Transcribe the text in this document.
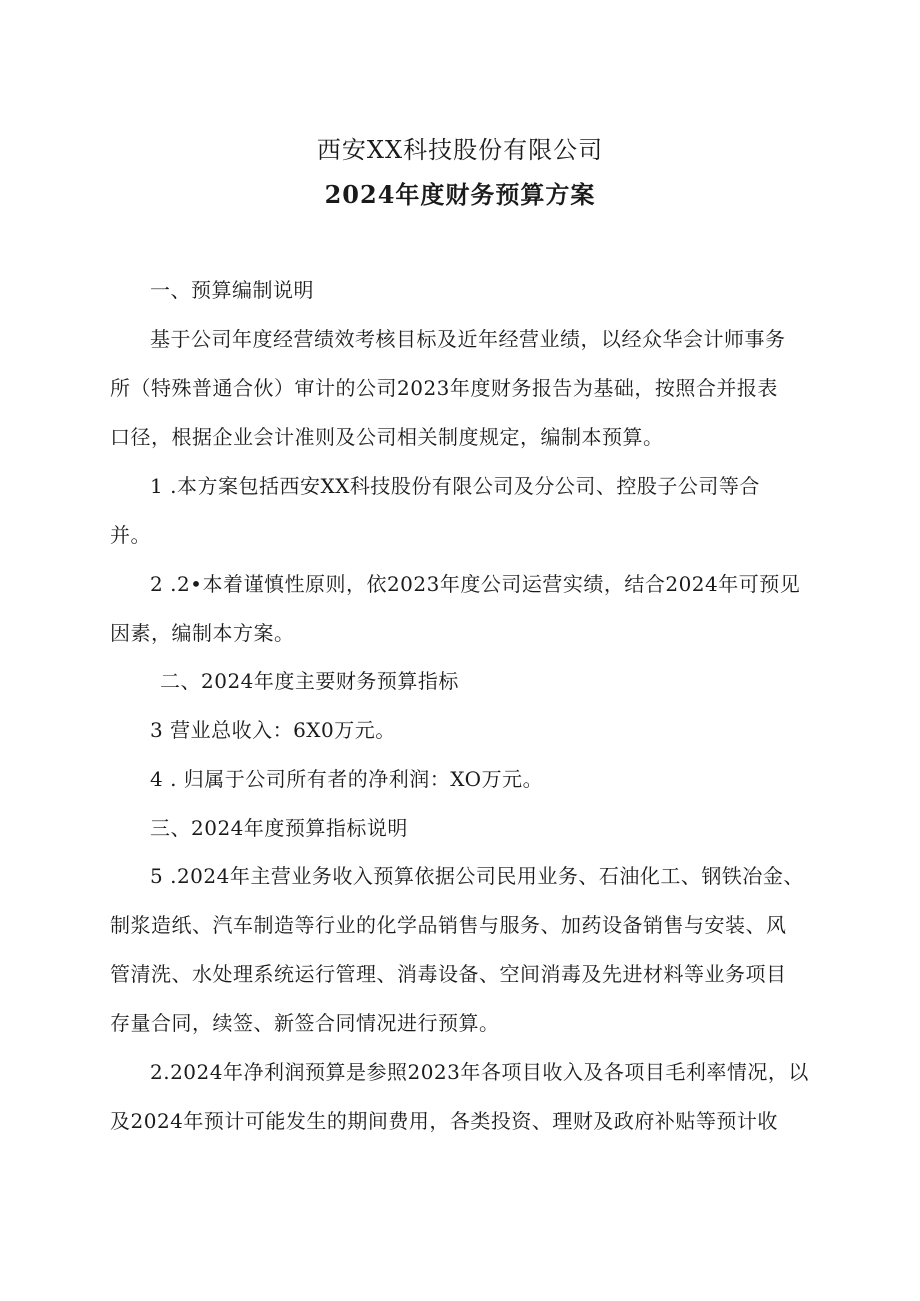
西安XX科技股份有限公司
2024年度财务预算方案
一、预算编制说明
基于公司年度经营绩效考核目标及近年经营业绩，以经众华会计师事务
所（特殊普通合伙）审计的公司2023年度财务报告为基础，按照合并报表
口径，根据企业会计准则及公司相关制度规定，编制本预算。
1 .本方案包括西安XX科技股份有限公司及分公司、控股子公司等合
并。
2 .2•本着谨慎性原则，依2023年度公司运营实绩，结合2024年可预见
因素，编制本方案。
二、2024年度主要财务预算指标
3 营业总收入：6X0万元。
4 . 归属于公司所有者的净利润：XO万元。
三、2024年度预算指标说明
5 .2024年主营业务收入预算依据公司民用业务、石油化工、钢铁冶金、
制浆造纸、汽车制造等行业的化学品销售与服务、加药设备销售与安装、风
管清洗、水处理系统运行管理、消毒设备、空间消毒及先进材料等业务项目
存量合同，续签、新签合同情况进行预算。
2.2024年净利润预算是参照2023年各项目收入及各项目毛利率情况，以
及2024年预计可能发生的期间费用，各类投资、理财及政府补贴等预计收
